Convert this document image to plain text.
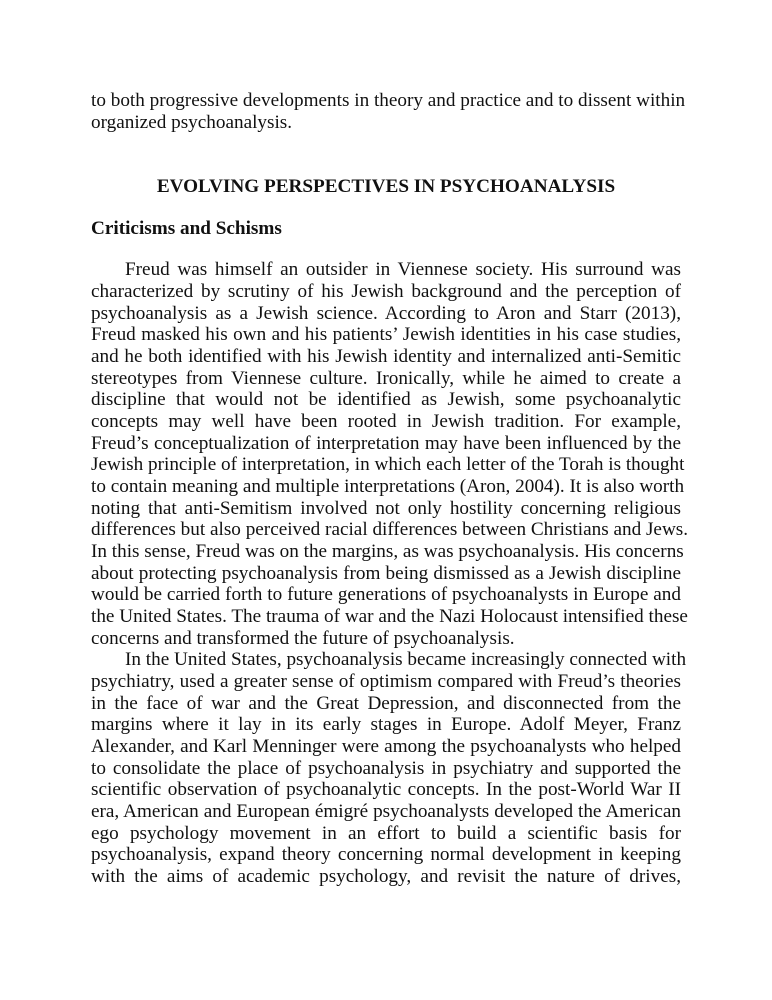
to both progressive developments in theory and practice and to dissent within

organized psychoanalysis.

EVOLVING PERSPECTIVES IN PSYCHOANALYSIS
Criticisms and Schisms

Freud was himself an outsider in Viennese society. His surround was

characterized by scrutiny of his Jewish background and the perception of

psychoanalysis as a Jewish science. According to Aron and Starr (2013),

Freud masked his own and his patients’ Jewish identities in his case studies,

and he both identified with his Jewish identity and internalized anti-Semitic

stereotypes from Viennese culture. Ironically, while he aimed to create a

discipline that would not be identified as Jewish, some psychoanalytic

concepts may well have been rooted in Jewish tradition. For example,

Freud’s conceptualization of interpretation may have been influenced by the

Jewish principle of interpretation, in which each letter of the Torah is thought

to contain meaning and multiple interpretations (Aron, 2004). It is also worth

noting that anti-Semitism involved not only hostility concerning religious

differences but also perceived racial differences between Christians and Jews.

In this sense, Freud was on the margins, as was psychoanalysis. His concerns

about protecting psychoanalysis from being dismissed as a Jewish discipline

would be carried forth to future generations of psychoanalysts in Europe and

the United States. The trauma of war and the Nazi Holocaust intensified these

concerns and transformed the future of psychoanalysis.

In the United States, psychoanalysis became increasingly connected with

psychiatry, used a greater sense of optimism compared with Freud’s theories

in the face of war and the Great Depression, and disconnected from the

margins where it lay in its early stages in Europe. Adolf Meyer, Franz

Alexander, and Karl Menninger were among the psychoanalysts who helped

to consolidate the place of psychoanalysis in psychiatry and supported the

scientific observation of psychoanalytic concepts. In the post-World War II

era, American and European émigré psychoanalysts developed the American

ego psychology movement in an effort to build a scientific basis for

psychoanalysis, expand theory concerning normal development in keeping

with the aims of academic psychology, and revisit the nature of drives,
